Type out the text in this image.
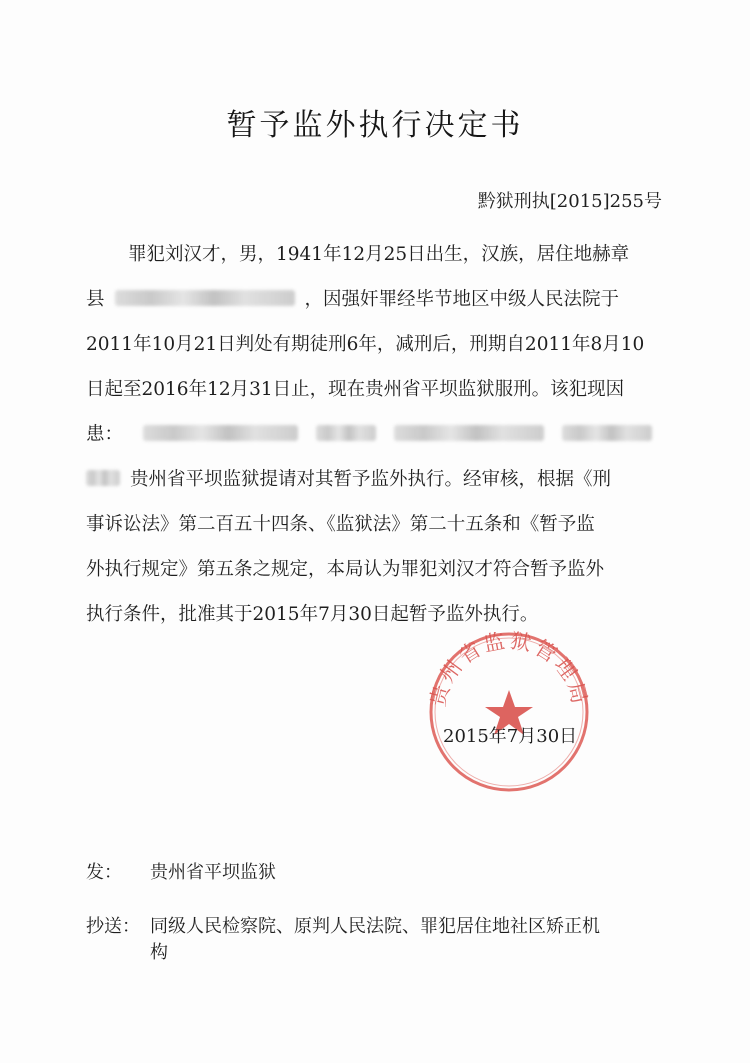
暂予监外执行决定书
黔狱刑执[2015]255号
罪犯刘汉才，男，1941年12月25日出生，汉族，居住地赫章
县	，因强奸罪经毕节地区中级人民法院于
2011年10月21日判处有期徒刑6年，减刑后，刑期自2011年8月10
日起至2016年12月31日止，现在贵州省平坝监狱服刑。该犯现因
患：
贵州省平坝监狱提请对其暂予监外执行。经审核，根据《刑
事诉讼法》第二百五十四条、《监狱法》第二十五条和《暂予监
外执行规定》第五条之规定，本局认为罪犯刘汉才符合暂予监外
执行条件，批准其于2015年7月30日起暂予监外执行。
贵州省监狱管理局
2015年7月30日
发： 贵州省平坝监狱
抄送： 同级人民检察院、原判人民法院、罪犯居住地社区矫正机
构
